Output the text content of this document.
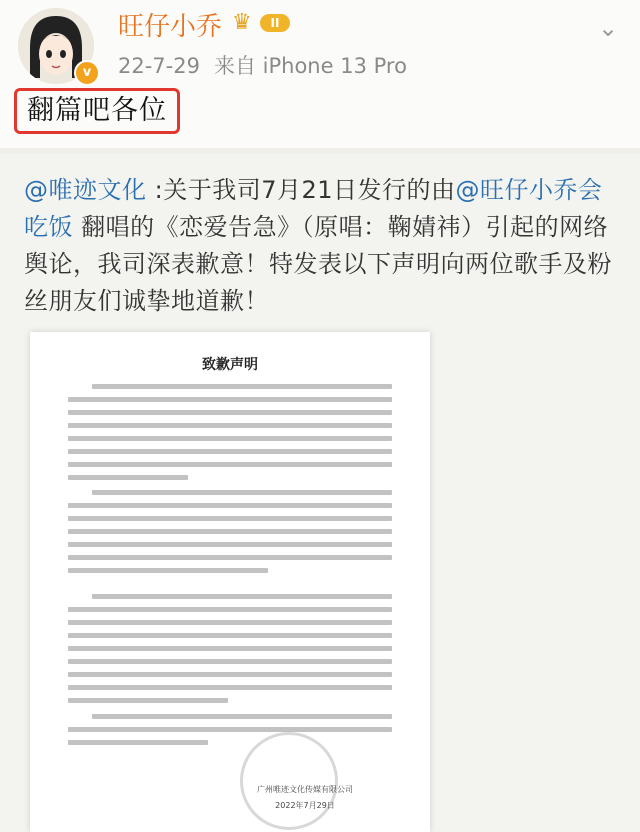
v
旺仔小乔 ♛	II	⌄
22-7-29 来自 iPhone 13 Pro
翻篇吧各位
@唯迹文化 :关于我司7月21日发行的由@旺仔小乔会吃饭 翻唱的《恋爱告急》（原唱：鞠婧祎）引起的网络舆论，我司深表歉意！特发表以下声明向两位歌手及粉丝朋友们诚挚地道歉！
致歉声明
广州唯迹文化传媒有限公司
2022年7月29日
